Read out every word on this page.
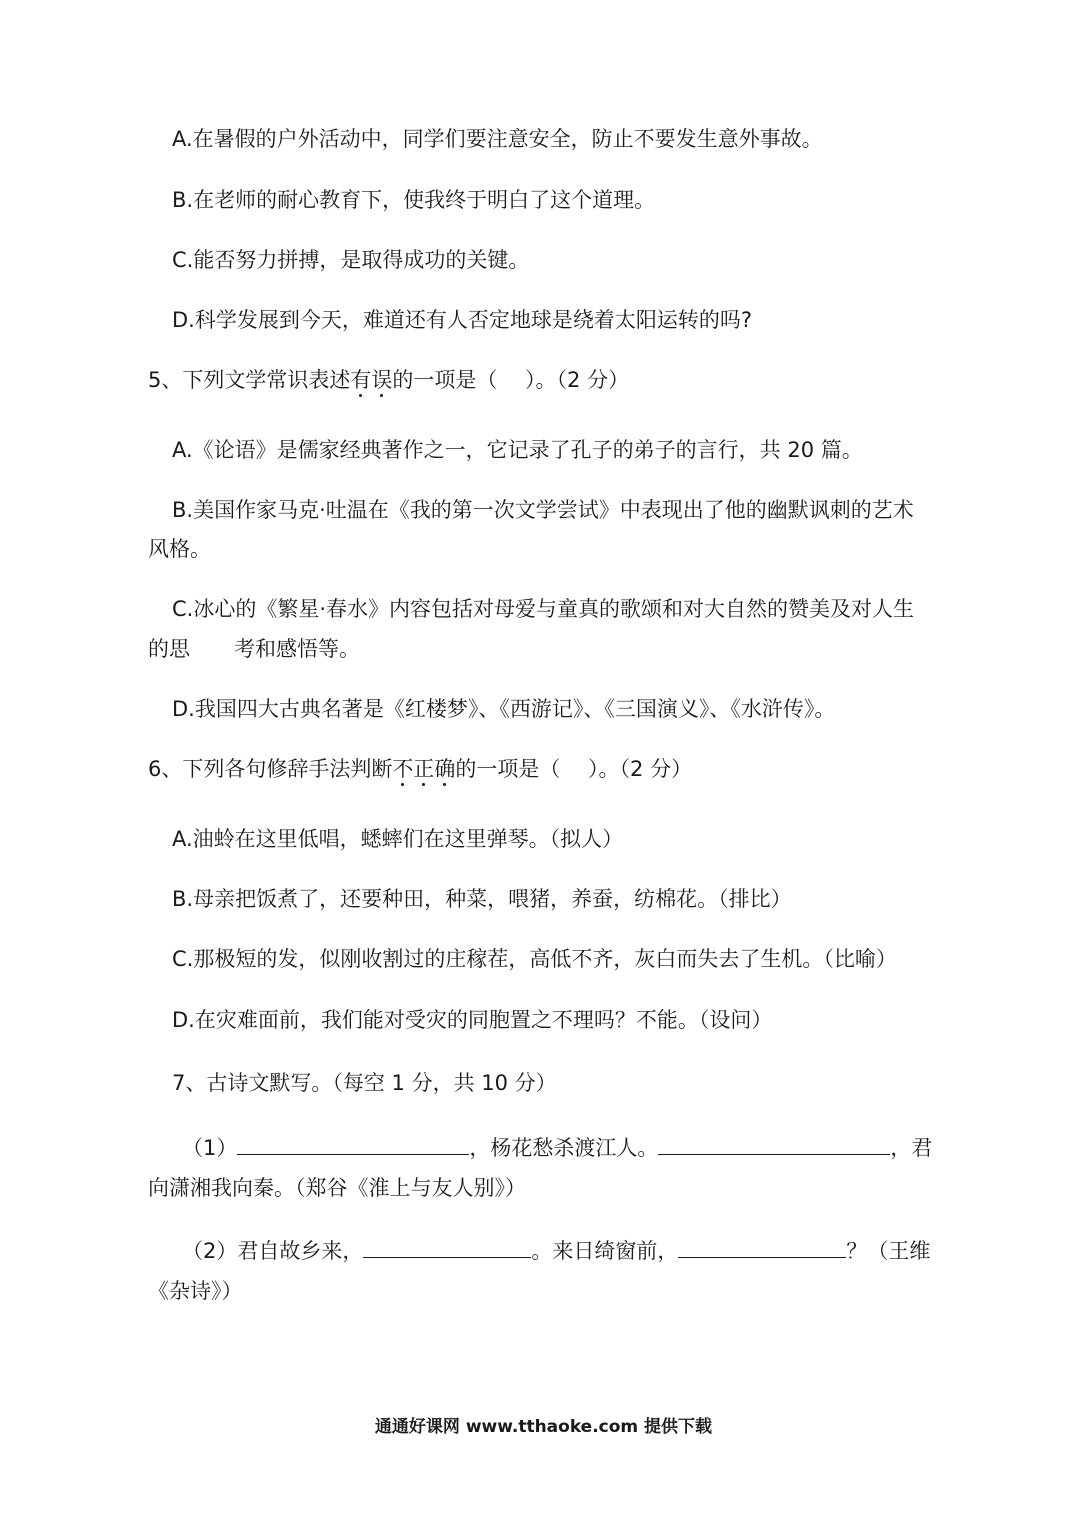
A.在暑假的户外活动中，同学们要注意安全，防止不要发生意外事故。
B.在老师的耐心教育下，使我终于明白了这个道理。
C.能否努力拼搏，是取得成功的关键。
D.科学发展到今天，难道还有人否定地球是绕着太阳运转的吗?
5、下列文学常识表述有误的一项是（　 ）。（2 分）
A.《论语》是儒家经典著作之一，它记录了孔子的弟子的言行，共 20 篇。
B.美国作家马克·吐温在《我的第一次文学尝试》中表现出了他的幽默讽刺的艺术
风格。
C.冰心的《繁星·春水》内容包括对母爱与童真的歌颂和对大自然的赞美及对人生
的思 考和感悟等。
D.我国四大古典名著是《红楼梦》、《西游记》、《三国演义》、《水浒传》。
6、下列各句修辞手法判断不正确的一项是（　 ）。（2 分）
A.油蛉在这里低唱，蟋蟀们在这里弹琴。（拟人）
B.母亲把饭煮了，还要种田，种菜，喂猪，养蚕，纺棉花。（排比）
C.那极短的发，似刚收割过的庄稼茬，高低不齐，灰白而失去了生机。（比喻）
D.在灾难面前，我们能对受灾的同胞置之不理吗？不能。（设问）
7、古诗文默写。（每空 1 分，共 10 分）
（1）	，杨花愁杀渡江人。	，君
向潇湘我向秦。（郑谷《淮上与友人别》）
（2）君自故乡来，	。来日绮窗前，	？（王维
《杂诗》）
通通好课网 www.tthaoke.com 提供下载
